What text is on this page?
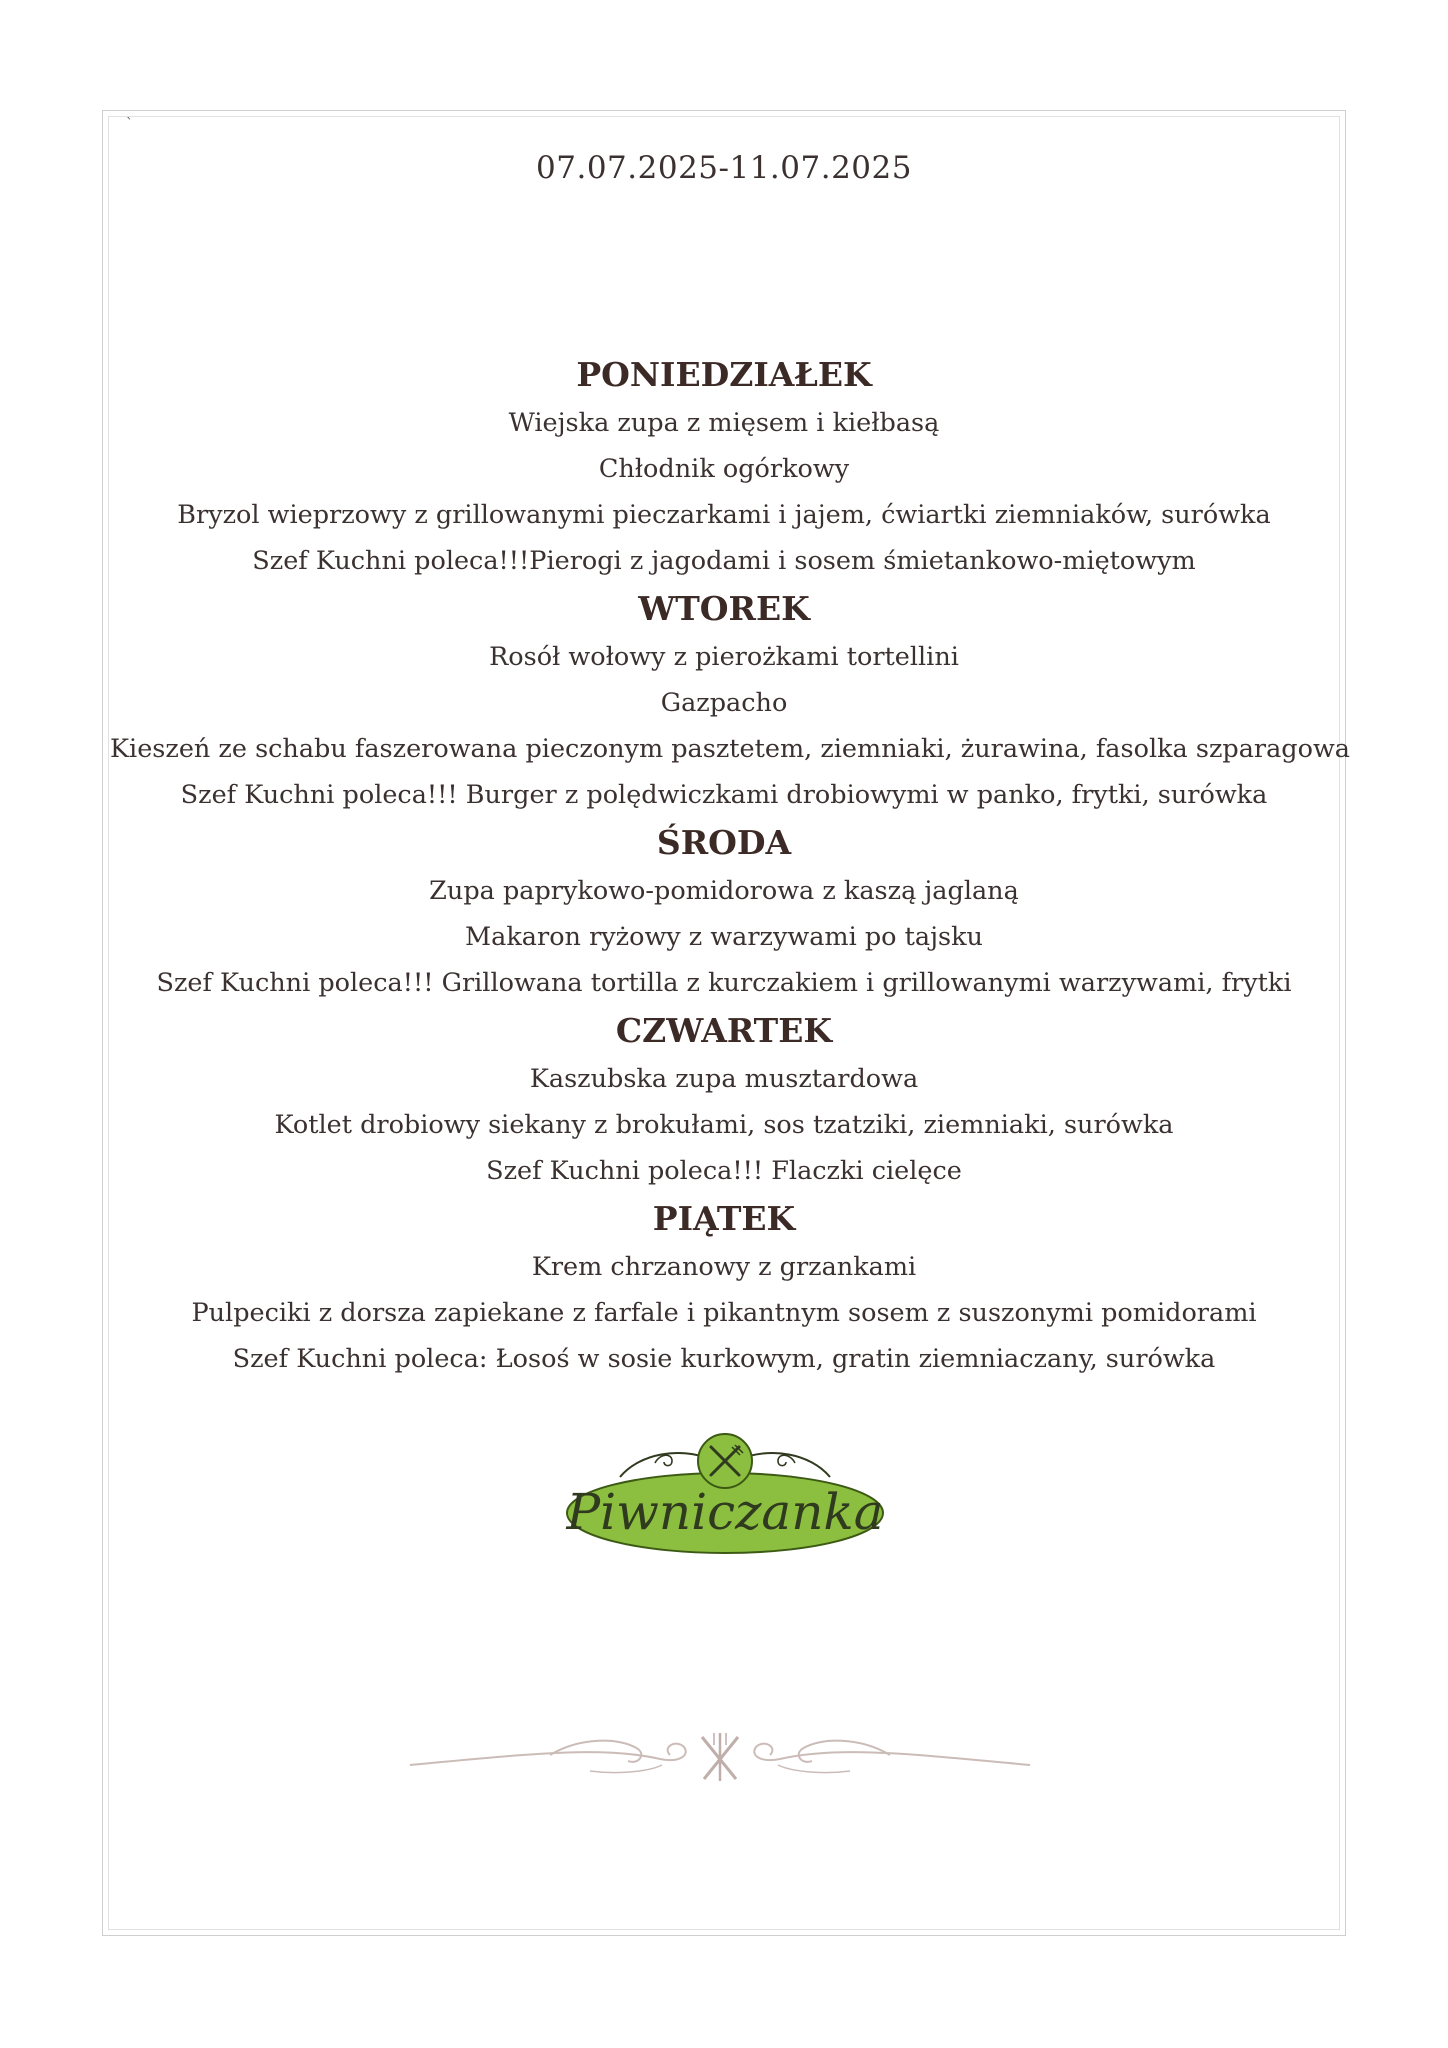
`
07.07.2025-11.07.2025
PONIEDZIAŁEK
Wiejska zupa z mięsem i kiełbasą
Chłodnik ogórkowy
Bryzol wieprzowy z grillowanymi pieczarkami i jajem, ćwiartki ziemniaków, surówka
Szef Kuchni poleca!!!Pierogi z jagodami i sosem śmietankowo-miętowym
WTOREK
Rosół wołowy z pierożkami tortellini
Gazpacho
Kieszeń ze schabu faszerowana pieczonym pasztetem, ziemniaki, żurawina, fasolka szparagowa
Szef Kuchni poleca!!! Burger z polędwiczkami drobiowymi w panko, frytki, surówka
ŚRODA
Zupa paprykowo-pomidorowa z kaszą jaglaną
Makaron ryżowy z warzywami po tajsku
Szef Kuchni poleca!!! Grillowana tortilla z kurczakiem i grillowanymi warzywami, frytki
CZWARTEK
Kaszubska zupa musztardowa
Kotlet drobiowy siekany z brokułami, sos tzatziki, ziemniaki, surówka
Szef Kuchni poleca!!! Flaczki cielęce
PIĄTEK
Krem chrzanowy z grzankami
Pulpeciki z dorsza zapiekane z farfale i pikantnym sosem z suszonymi pomidorami
Szef Kuchni poleca: Łosoś w sosie kurkowym, gratin ziemniaczany, surówka
Piwniczanka
